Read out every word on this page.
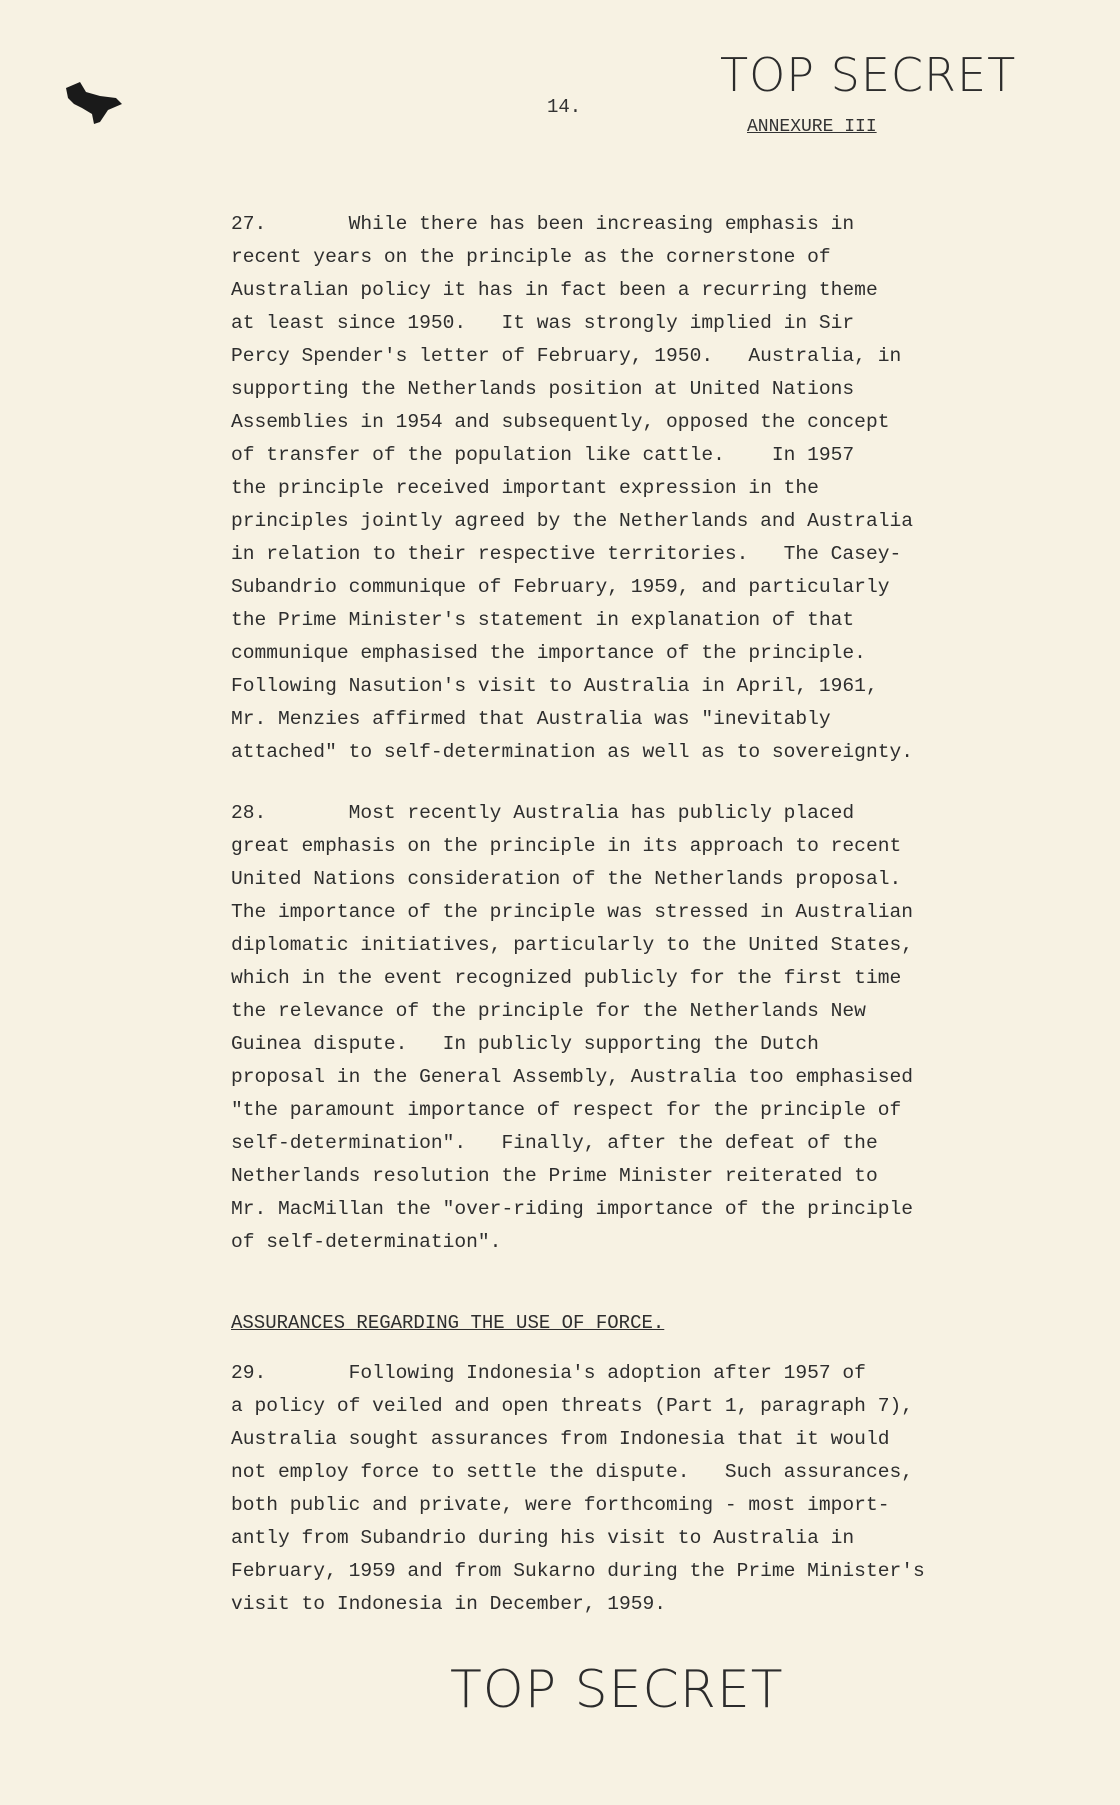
14.
TOP SECRET
ANNEXURE III
27.       While there has been increasing emphasis in
recent years on the principle as the cornerstone of
Australian policy it has in fact been a recurring theme
at least since 1950.   It was strongly implied in Sir
Percy Spender's letter of February, 1950.   Australia, in
supporting the Netherlands position at United Nations
Assemblies in 1954 and subsequently, opposed the concept
of transfer of the population like cattle.    In 1957
the principle received important expression in the
principles jointly agreed by the Netherlands and Australia
in relation to their respective territories.   The Casey-
Subandrio communique of February, 1959, and particularly
the Prime Minister's statement in explanation of that
communique emphasised the importance of the principle.
Following Nasution's visit to Australia in April, 1961,
Mr. Menzies affirmed that Australia was "inevitably
attached" to self-determination as well as to sovereignty.
28.       Most recently Australia has publicly placed
great emphasis on the principle in its approach to recent
United Nations consideration of the Netherlands proposal.
The importance of the principle was stressed in Australian
diplomatic initiatives, particularly to the United States,
which in the event recognized publicly for the first time
the relevance of the principle for the Netherlands New
Guinea dispute.   In publicly supporting the Dutch
proposal in the General Assembly, Australia too emphasised
"the paramount importance of respect for the principle of
self-determination".   Finally, after the defeat of the
Netherlands resolution the Prime Minister reiterated to
Mr. MacMillan the "over-riding importance of the principle
of self-determination".
ASSURANCES REGARDING THE USE OF FORCE.
29.       Following Indonesia's adoption after 1957 of
a policy of veiled and open threats (Part 1, paragraph 7),
Australia sought assurances from Indonesia that it would
not employ force to settle the dispute.   Such assurances,
both public and private, were forthcoming - most import-
antly from Subandrio during his visit to Australia in
February, 1959 and from Sukarno during the Prime Minister's
visit to Indonesia in December, 1959.
TOP SECRET
